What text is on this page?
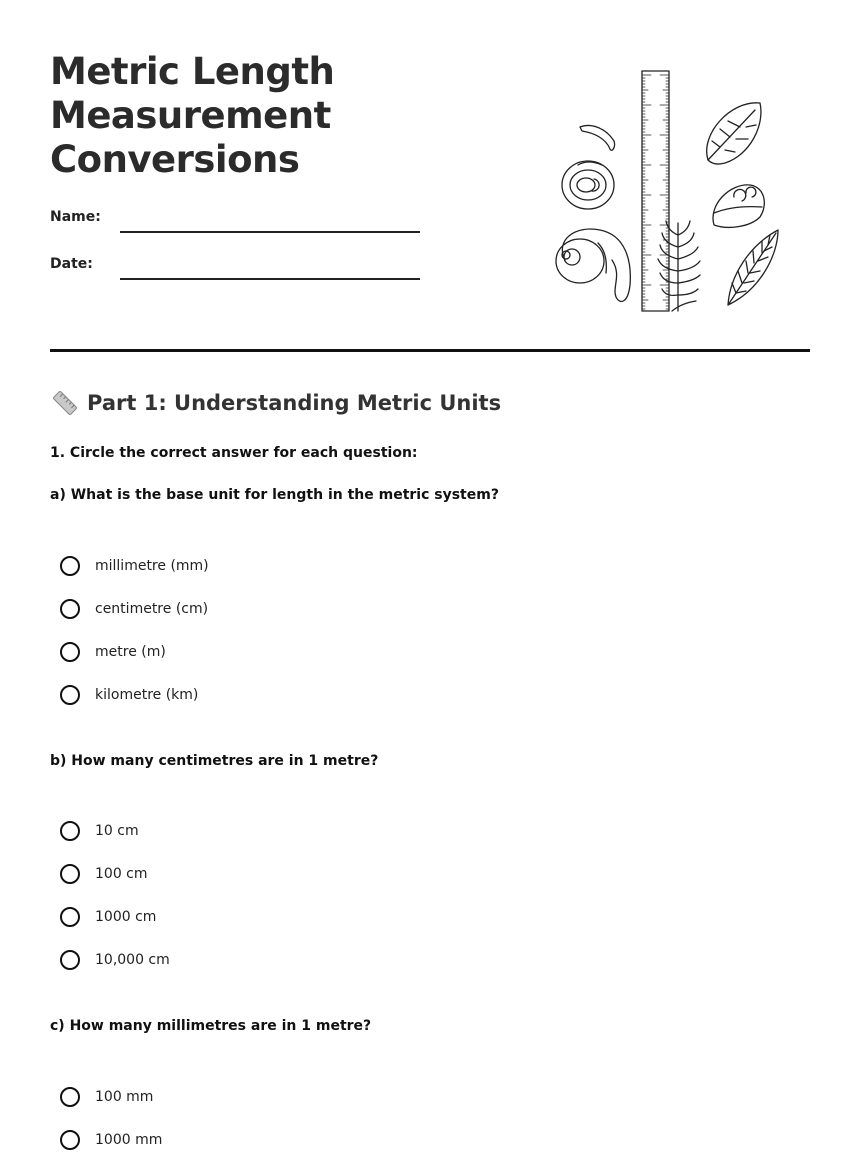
Metric Length
Measurement
Conversions
Name:
Date:
Part 1: Understanding Metric Units
1. Circle the correct answer for each question:
a) What is the base unit for length in the metric system?
millimetre (mm)
centimetre (cm)
metre (m)
kilometre (km)
b) How many centimetres are in 1 metre?
10 cm
100 cm
1000 cm
10,000 cm
c) How many millimetres are in 1 metre?
100 mm
1000 mm
